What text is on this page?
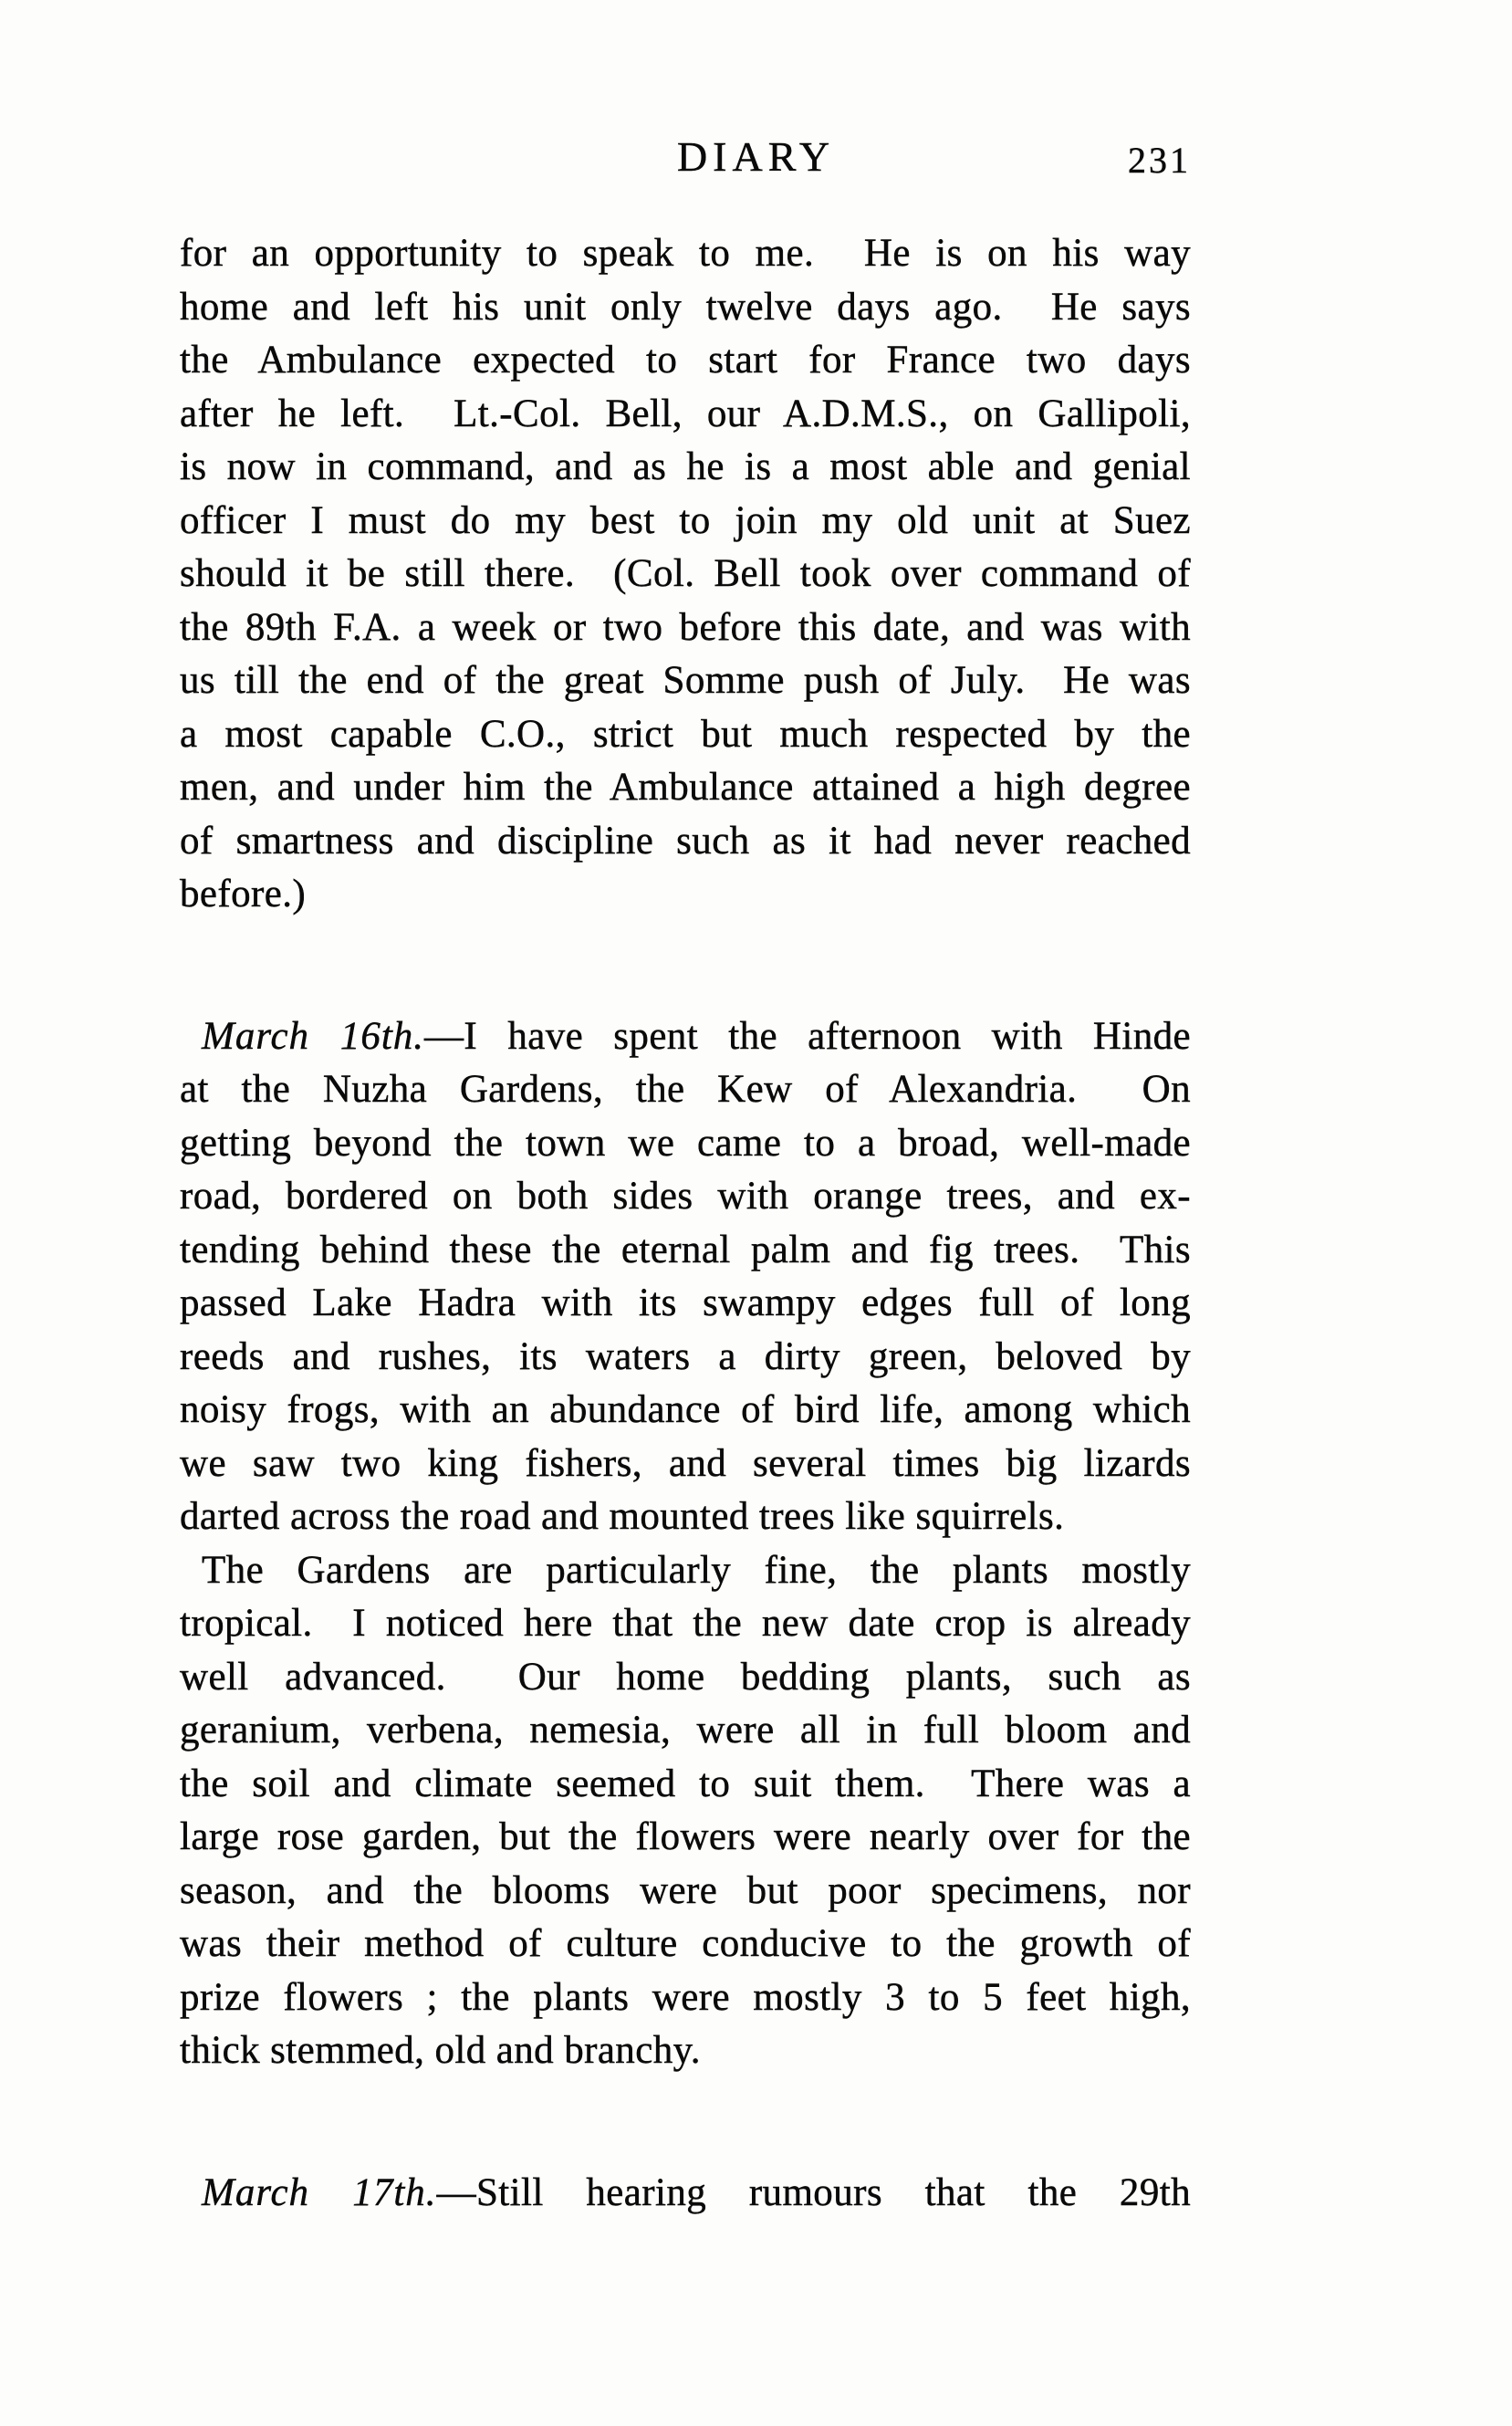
DIARY	231
for an opportunity to speak to me.  He is on his way
home and left his unit only twelve days ago.  He says
the Ambulance expected to start for France two days
after he left.  Lt.-Col. Bell, our A.D.M.S., on Gallipoli,
is now in command, and as he is a most able and genial
officer I must do my best to join my old unit at Suez
should it be still there.  (Col. Bell took over command of
the 89th F.A. a week or two before this date, and was with
us till the end of the great Somme push of July.  He was
a most capable C.O., strict but much respected by the
men, and under him the Ambulance attained a high degree
of smartness and discipline such as it had never reached
before.)
March 16th.—I have spent the afternoon with Hinde
at the Nuzha Gardens, the Kew of Alexandria.  On
getting beyond the town we came to a broad, well-made
road, bordered on both sides with orange trees, and ex-
tending behind these the eternal palm and fig trees.  This
passed Lake Hadra with its swampy edges full of long
reeds and rushes, its waters a dirty green, beloved by
noisy frogs, with an abundance of bird life, among which
we saw two king fishers, and several times big lizards
darted across the road and mounted trees like squirrels.
The Gardens are particularly fine, the plants mostly
tropical.  I noticed here that the new date crop is already
well advanced.  Our home bedding plants, such as
geranium, verbena, nemesia, were all in full bloom and
the soil and climate seemed to suit them.  There was a
large rose garden, but the flowers were nearly over for the
season, and the blooms were but poor specimens, nor
was their method of culture conducive to the growth of
prize flowers ; the plants were mostly 3 to 5 feet high,
thick stemmed, old and branchy.
March 17th.—Still hearing rumours that the 29th
